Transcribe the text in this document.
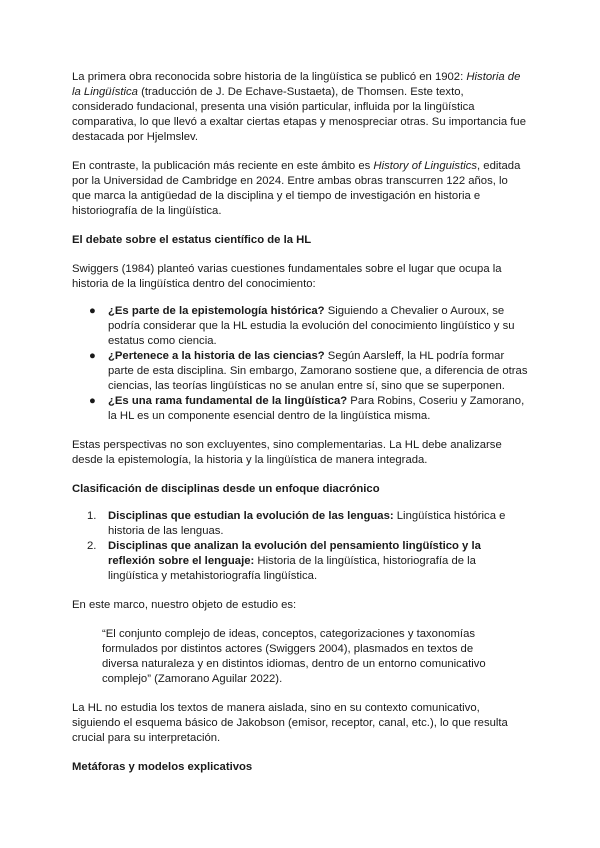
La primera obra reconocida sobre historia de la lingüística se publicó en 1902: Historia de la Lingüística (traducción de J. De Echave-Sustaeta), de Thomsen. Este texto, considerado fundacional, presenta una visión particular, influida por la lingüística comparativa, lo que llevó a exaltar ciertas etapas y menospreciar otras. Su importancia fue destacada por Hjelmslev.

En contraste, la publicación más reciente en este ámbito es History of Linguistics, editada por la Universidad de Cambridge en 2024. Entre ambas obras transcurren 122 años, lo que marca la antigüedad de la disciplina y el tiempo de investigación en historia e historiografía de la lingüística.

El debate sobre el estatus científico de la HL

Swiggers (1984) planteó varias cuestiones fundamentales sobre el lugar que ocupa la historia de la lingüística dentro del conocimiento:

● ¿Es parte de la epistemología histórica? Siguiendo a Chevalier o Auroux, se podría considerar que la HL estudia la evolución del conocimiento lingüístico y su estatus como ciencia.
● ¿Pertenece a la historia de las ciencias? Según Aarsleff, la HL podría formar parte de esta disciplina. Sin embargo, Zamorano sostiene que, a diferencia de otras ciencias, las teorías lingüísticas no se anulan entre sí, sino que se superponen.
● ¿Es una rama fundamental de la lingüística? Para Robins, Coseriu y Zamorano, la HL es un componente esencial dentro de la lingüística misma.

Estas perspectivas no son excluyentes, sino complementarias. La HL debe analizarse desde la epistemología, la historia y la lingüística de manera integrada.

Clasificación de disciplinas desde un enfoque diacrónico

1. Disciplinas que estudian la evolución de las lenguas: Lingüística histórica e historia de las lenguas.
2. Disciplinas que analizan la evolución del pensamiento lingüístico y la reflexión sobre el lenguaje: Historia de la lingüística, historiografía de la lingüística y metahistoriografía lingüística.

En este marco, nuestro objeto de estudio es:

“El conjunto complejo de ideas, conceptos, categorizaciones y taxonomías formulados por distintos actores (Swiggers 2004), plasmados en textos de diversa naturaleza y en distintos idiomas, dentro de un entorno comunicativo complejo” (Zamorano Aguilar 2022).

La HL no estudia los textos de manera aislada, sino en su contexto comunicativo, siguiendo el esquema básico de Jakobson (emisor, receptor, canal, etc.), lo que resulta crucial para su interpretación.

Metáforas y modelos explicativos
